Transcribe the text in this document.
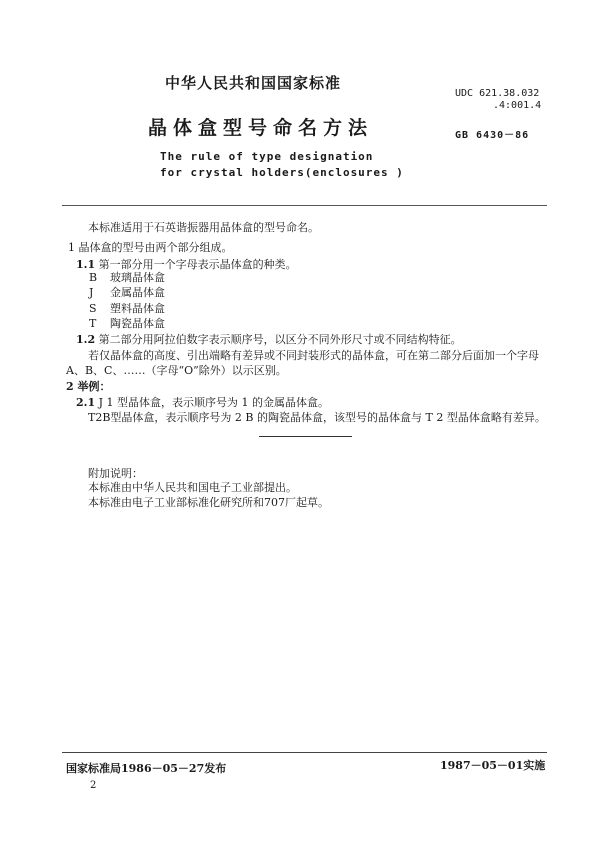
中华人民共和国国家标准
晶体盒型号命名方法
UDC 621.38.032
.4:001.4
GB 6430－86
The rule of type designation
for crystal holders(enclosures )
本标准适用于石英谐振器用晶体盒的型号命名。
1 晶体盒的型号由两个部分组成。
1.1 第一部分用一个字母表示晶体盒的种类。
B 玻璃晶体盒
J 金属晶体盒
S 塑料晶体盒
T 陶瓷晶体盒
1.2 第二部分用阿拉伯数字表示顺序号，以区分不同外形尺寸或不同结构特征。
若仅晶体盒的高度、引出端略有差异或不同封装形式的晶体盒，可在第二部分后面加一个字母
A、B、C、……（字母“O”除外）以示区别。
2 举例：
2.1 J 1 型晶体盒，表示顺序号为 1 的金属晶体盒。
T2B型晶体盒，表示顺序号为 2 B 的陶瓷晶体盒，该型号的晶体盒与 T 2 型晶体盒略有差异。
附加说明：
本标准由中华人民共和国电子工业部提出。
本标准由电子工业部标准化研究所和707厂起草。
国家标准局1986－05－27发布	1987－05－01实施
2
